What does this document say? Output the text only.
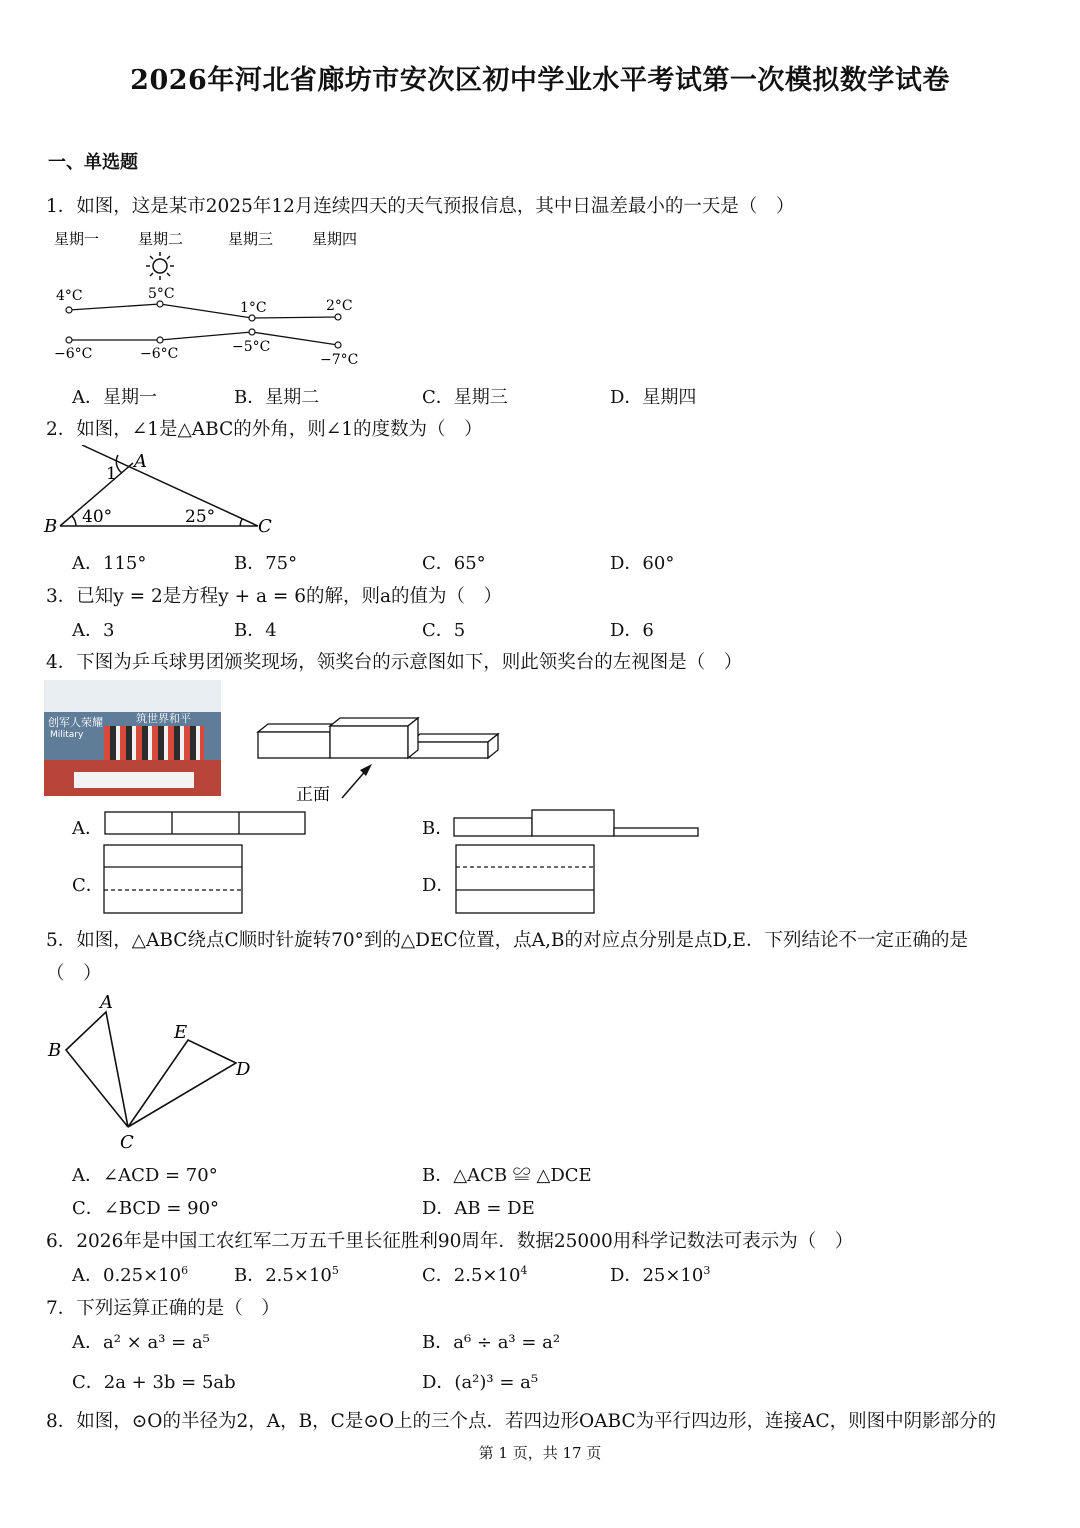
2026年河北省廊坊市安次区初中学业水平考试第一次模拟数学试卷
一、单选题
1．如图，这是某市2025年12月连续四天的天气预报信息，其中日温差最小的一天是（　）
星期一	星期二	星期三	星期四
4°C	5°C
1°C	2°C
−6°C	−6°C	−5°C
−7°C
A．星期一	B．星期二	C．星期三	D．星期四
2．如图，∠1是△ABC的外角，则∠1的度数为（　）
A
B	C
1
40°	25°
A．115°	B．75°	C．65°	D．60°
3．已知y = 2是方程y + a = 6的解，则a的值为（　）
A．3	B．4	C．5	D．6
4．下图为乒乓球男团颁奖现场，领奖台的示意图如下，则此领奖台的左视图是（　）
创军人荣耀	筑世界和平
Military
正面
A．	B．
C．	D．
5．如图，△ABC绕点C顺时针旋转70°到的△DEC位置，点A,B的对应点分别是点D,E．下列结论不一定正确的是
（　）
A
B
C
D
E
A．∠ACD = 70°	B．△ACB ≌ △DCE
C．∠BCD = 90°	D．AB = DE
6．2026年是中国工农红军二万五千里长征胜利90周年．数据25000用科学记数法可表示为（　）
A．$0.25\times 10^6$	B．$2.5\times 10^5$	C．$2.5\times 10^4$	D．$25\times 10^3$
7．下列运算正确的是（　）
A．a² × a³ = a⁵	B．a⁶ ÷ a³ = a²
C．2a + 3b = 5ab	D．(a²)³ = a⁵
8．如图，⊙O的半径为2，A，B，C是⊙O上的三个点．若四边形OABC为平行四边形，连接AC，则图中阴影部分的
第 1 页，共 17 页
